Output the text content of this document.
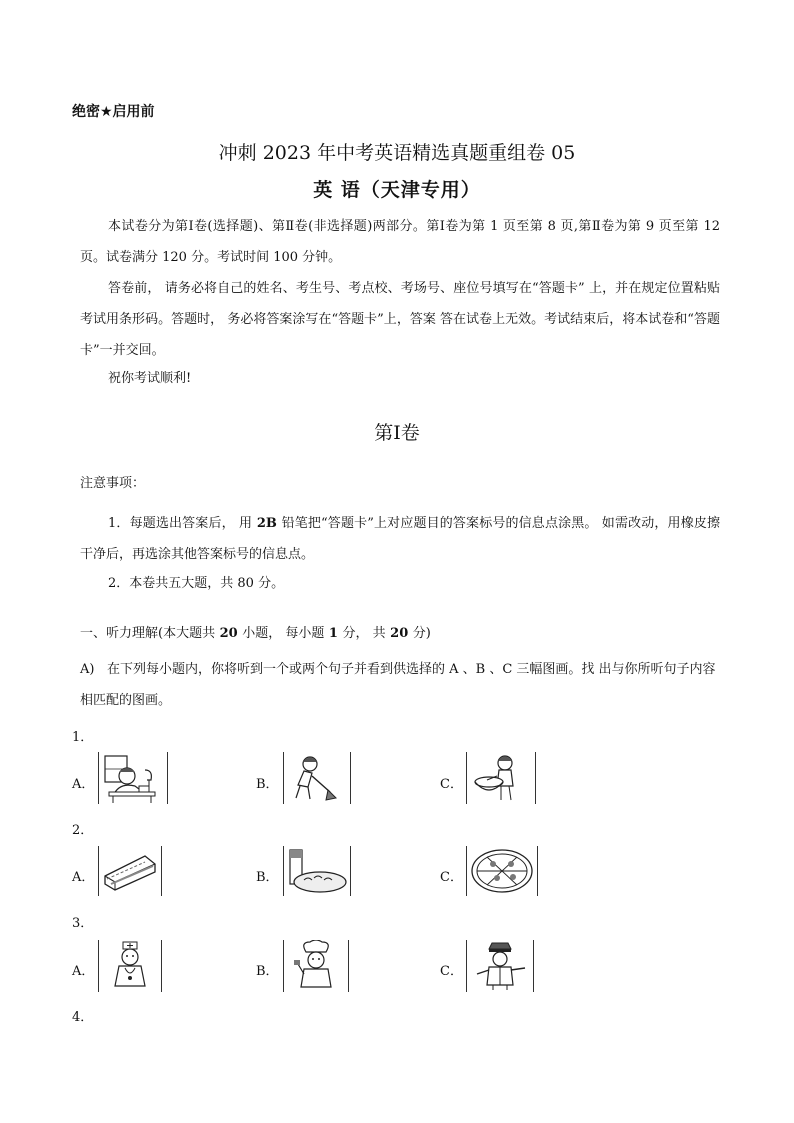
绝密★启用前
冲刺 2023 年中考英语精选真题重组卷 05
英 语（天津专用）
本试卷分为第Ⅰ卷(选择题)、第Ⅱ卷(非选择题)两部分。第Ⅰ卷为第 1 页至第 8 页,第Ⅱ卷为第 9 页至第 12 页。试卷满分 120 分。考试时间 100 分钟。
答卷前， 请务必将自己的姓名、考生号、考点校、考场号、座位号填写在“答题卡” 上，并在规定位置粘贴考试用条形码。答题时， 务必将答案涂写在“答题卡”上，答案 答在试卷上无效。考试结束后，将本试卷和“答题卡”一并交回。
祝你考试顺利!
第Ⅰ卷
注意事项：
1．每题选出答案后， 用 2B 铅笔把“答题卡”上对应题目的答案标号的信息点涂黑。 如需改动，用橡皮擦干净后，再选涂其他答案标号的信息点。
2．本卷共五大题，共 80 分。
一、听力理解(本大题共 20 小题， 每小题 1 分， 共 20 分)
A) 在下列每小题内，你将听到一个或两个句子并看到供选择的 A 、B 、C 三幅图画。找 出与你所听句子内容相匹配的图画。
1．
A．	B．	C．
2．
A．	B．	C．
3．
A．	B．	C．
4．
